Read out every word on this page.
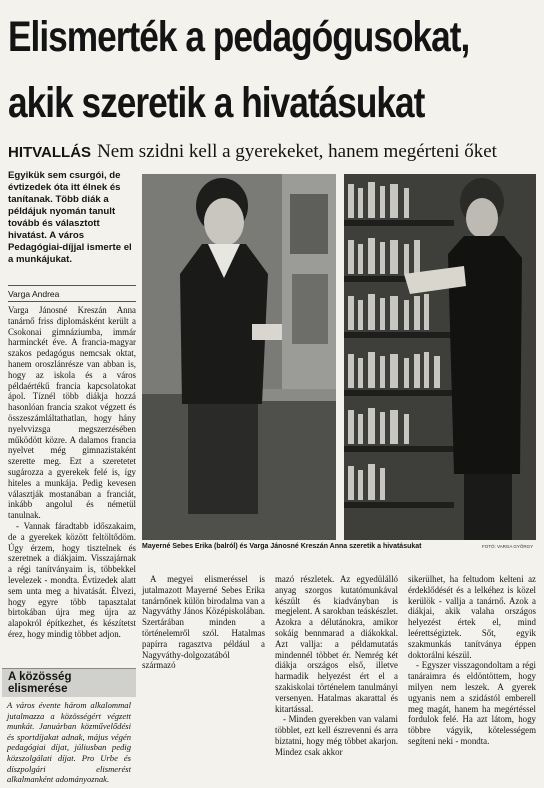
Elismerték a pedagógusokat,
akik szeretik a hivatásukat
HITVALLÁS Nem szidni kell a gyerekeket, hanem megérteni őket
Egyikük sem csurgói, de évtizedek óta itt élnek és tanítanak. Több diák a példájuk nyomán tanult tovább és választott hivatást. A város Pedagógiai-díjjal ismerte el a munkájukat.
Varga Andrea

Varga Jánosné Kreszán Anna tanárnő friss diplomásként került a Csokonai gimnáziumba, immár harminckét éve. A francia-magyar szakos pedagógus nemcsak oktat, hanem oroszlánrésze van abban is, hogy az iskola és a város példaértékű francia kapcsolatokat ápol. Tíznél több diákja hozzá hasonlóan francia szakot végzett és összeszámláltathatlan, hogy hány nyelvvizsga megszerzésében működött közre. A dalamos francia nyelvet még gimnazistaként szerette meg. Ezt a szeretetet sugározza a gyerekek felé is, így hiteles a munkája. Pedig kevesen választják mostanában a franciát, inkább angolul és németül tanulnak.

- Vannak fáradtabb időszakaim, de a gyerekek között feltöltődöm. Úgy érzem, hogy tisztelnek és szeretnek a diákjaim. Visszajárnak a régi tanítványaim is, többekkel levelezek - mondta. Évtizedek alatt sem unta meg a hivatását. Élvezi, hogy egyre több tapasztalat birtokában újra meg újra az alapokról építkezhet, és készítetst érez, hogy mindig többet adjon.

Mayerné Sebes Erika (balról) és Varga Jánosné Kreszán Anna szeretik a hivatásukat	FOTÓ: VARGA GYÖRGY

A megyei elismeréssel is jutalmazott Mayerné Sebes Erika tanárnőnek külön birodalma van a Nagyváthy János Középiskolában. Szertárában minden a történelemről szól. Hatalmas papírra ragasztva például a Nagyváthy-dolgozatából származó

mazó részletek. Az egyedülálló anyag szorgos kutatómunkával készült és kiadványban is megjelent. A sarokban teáskészlet. Azokra a délutánokra, amikor sokáig bennmarad a diákokkal. Azt vallja: a példamutatás mindennél többet ér. Nemrég két diákja országos első, illetve harmadik helyezést ért el a szakiskolai történelem tanulmányi versenyen. Hatalmas akarattal és kitartással.

- Minden gyerekben van valami többlet, ezt kell észrevenni és arra biztatni, hogy még többet akarjon. Mindez csak akkor

sikerülhet, ha feltudom kelteni az érdeklődését és a lelkéhez is közel kerülök - vallja a tanárnő. Azok a diákjai, akik valaha országos helyezést értek el, mind leérettségiztek. Sőt, egyik szakmunkás tanítványa éppen doktorálni készül.

- Egyszer visszagondoltam a régi tanáraimra és eldöntöttem, hogy milyen nem leszek. A gyerek ugyanis nem a szidástól emberell meg magát, hanem ha megértéssel fordulok felé. Ha azt látom, hogy többre vágyik, kötelességem segíteni neki - mondta.

A közösség elismerése
A város évente három alkalommal jutalmazza a közösségért végzett munkát. Januárban közművelődési és sportdíjakat adnak, május végén pedagógiai díjat, júliusban pedig közszolgálati díjat. Pro Urbe és díszpolgári elismerést alkalmanként adományoznak.
